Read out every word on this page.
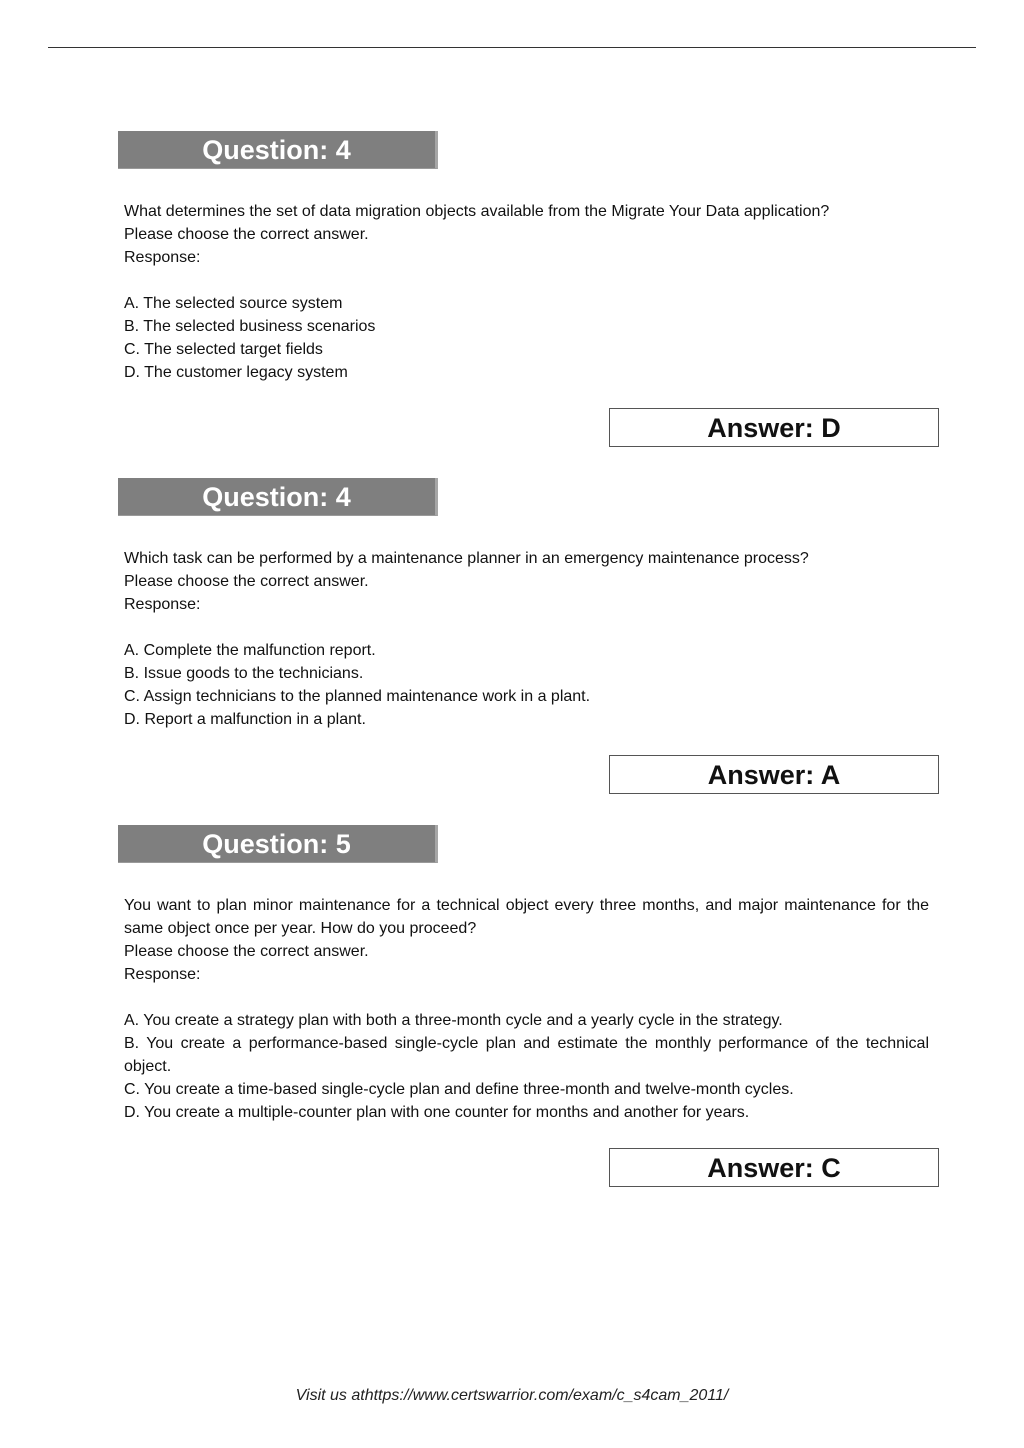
Question: 4
What determines the set of data migration objects available from the Migrate Your Data application?
Please choose the correct answer.
Response:
A. The selected source system
B. The selected business scenarios
C. The selected target fields
D. The customer legacy system
Answer: D
Question: 4
Which task can be performed by a maintenance planner in an emergency maintenance process?
Please choose the correct answer.
Response:
A. Complete the malfunction report.
B. Issue goods to the technicians.
C. Assign technicians to the planned maintenance work in a plant.
D. Report a malfunction in a plant.
Answer: A
Question: 5
You want to plan minor maintenance for a technical object every three months, and major maintenance for the same object once per year. How do you proceed?
Please choose the correct answer.
Response:
A. You create a strategy plan with both a three-month cycle and a yearly cycle in the strategy.
B. You create a performance-based single-cycle plan and estimate the monthly performance of the technical object.
C. You create a time-based single-cycle plan and define three-month and twelve-month cycles.
D. You create a multiple-counter plan with one counter for months and another for years.
Answer: C
Visit us athttps://www.certswarrior.com/exam/c_s4cam_2011/
